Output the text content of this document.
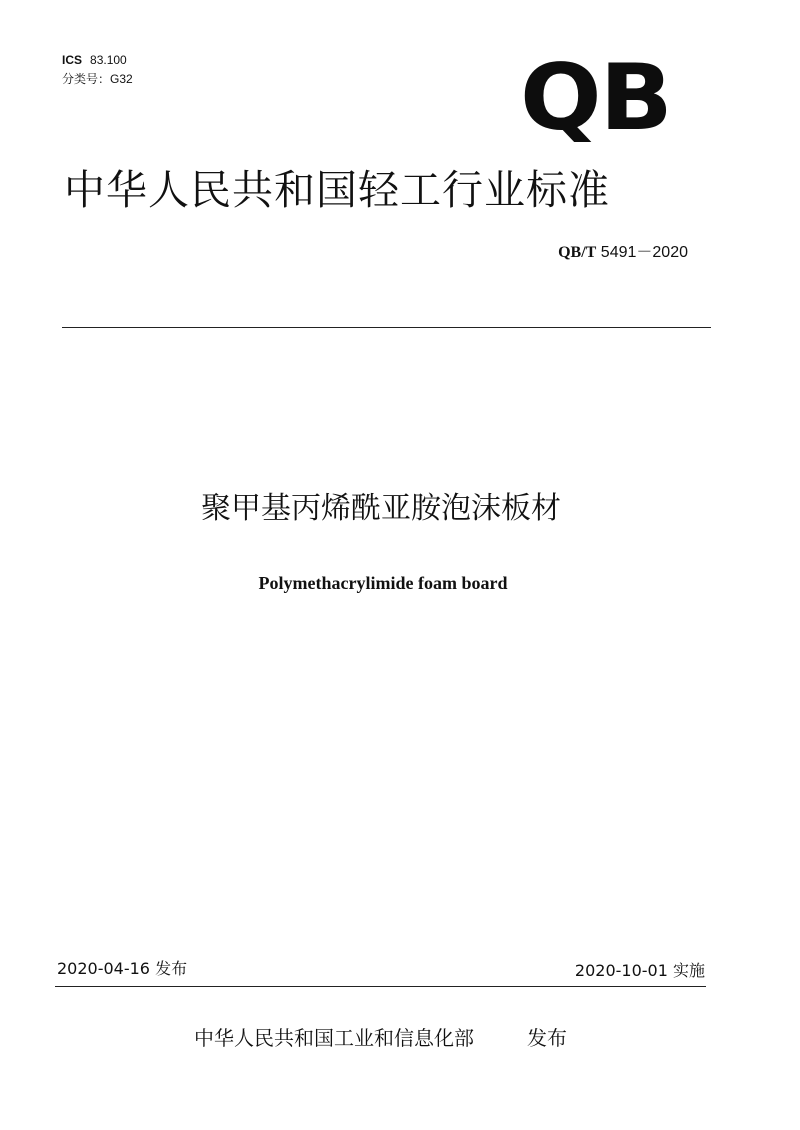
ICS 83.100
分类号：G32	QB
中华人民共和国轻工行业标准
QB/T 5491－2020
聚甲基丙烯酰亚胺泡沫板材
Polymethacrylimide foam board
2020-04-16 发布	2020-10-01 实施
中华人民共和国工业和信息化部	发布
